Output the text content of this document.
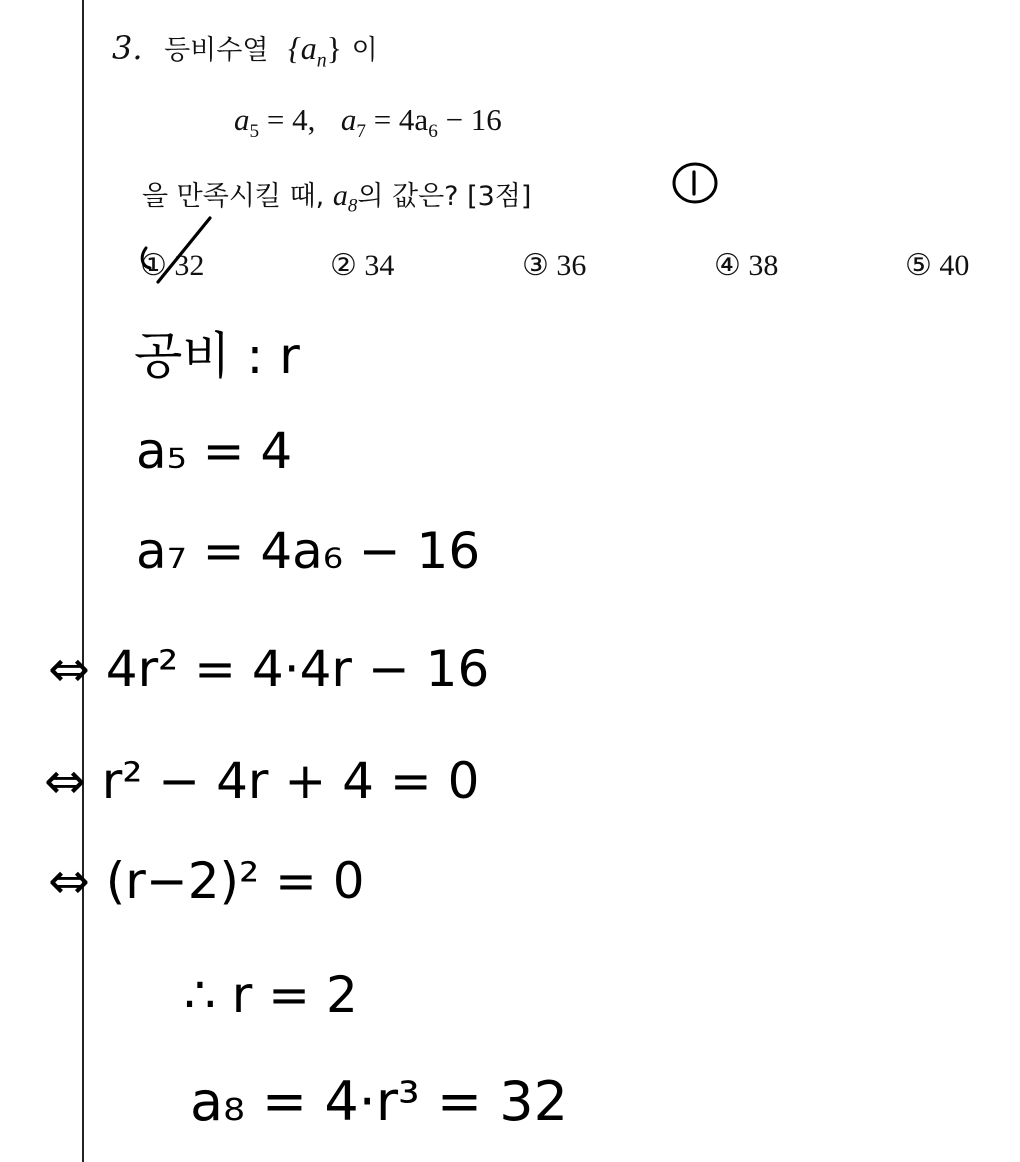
3. 등비수열 $\{a_n\}$ 이
$a_5 = 4$, $a_7 = 4a_6 - 16$
을 만족시킬 때, $a_8$의 값은? [3점]
① 32	② 34	③ 36	④ 38	⑤ 40
공비 : r
a₅ = 4
a₇ = 4a₆ − 16
⇔ 4r² = 4·4r − 16
⇔ r² − 4r + 4 = 0
⇔ (r−2)² = 0
∴ r = 2
a₈ = 4·r³ = 32
